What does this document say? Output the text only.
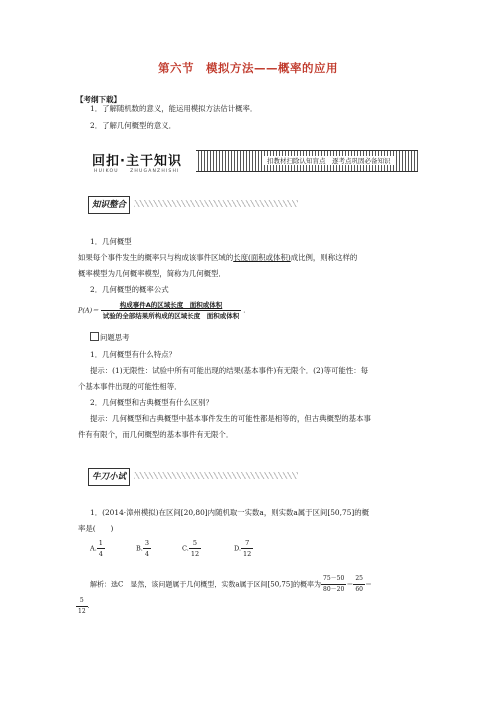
第六节　模拟方法——概率的应用
【考纲下载】
1．了解随机数的意义，能运用模拟方法估计概率．
2．了解几何概型的意义．
回扣·主干知识
HUIKOU　　ZHUGANZHISHI
扣教材扫除认知盲点　逐考点巩固必备知识
知识整合
1．几何概型
如果每个事件发生的概率只与构成该事件区域的长度(面积或体积)成比例，则称这样的
概率模型为几何概率模型，简称为几何概型．
2．几何概型的概率公式
$P(A)= \frac{\text{构成事件A的区域长度　面积或体积}}{\text{试验的全部结果所构成的区域长度　面积或体积}}$ .
问题思考
1．几何概型有什么特点？
提示：(1)无限性：试验中所有可能出现的结果(基本事件)有无限个．(2)等可能性：每
个基本事件出现的可能性相等．
2．几何概型和古典概型有什么区别？
提示：几何概型和古典概型中基本事件发生的可能性都是相等的，但古典概型的基本事
件有有限个，而几何概型的基本事件有无限个．
牛刀小试
1．(2014·漳州模拟)在区间[20,80]内随机取一实数a，则实数a属于区间[50,75]的概
率是(　　)
A. $\frac{1}{4}$	B. $\frac{3}{4}$	C. $\frac{5}{12}$	D. $\frac{7}{12}$
解析：选C　显然，该问题属于几何概型，实数a属于区间[50,75]的概率为 $\frac{75-50}{80-20} = \frac{25}{60}$ ＝
$\frac{5}{12}$ .
